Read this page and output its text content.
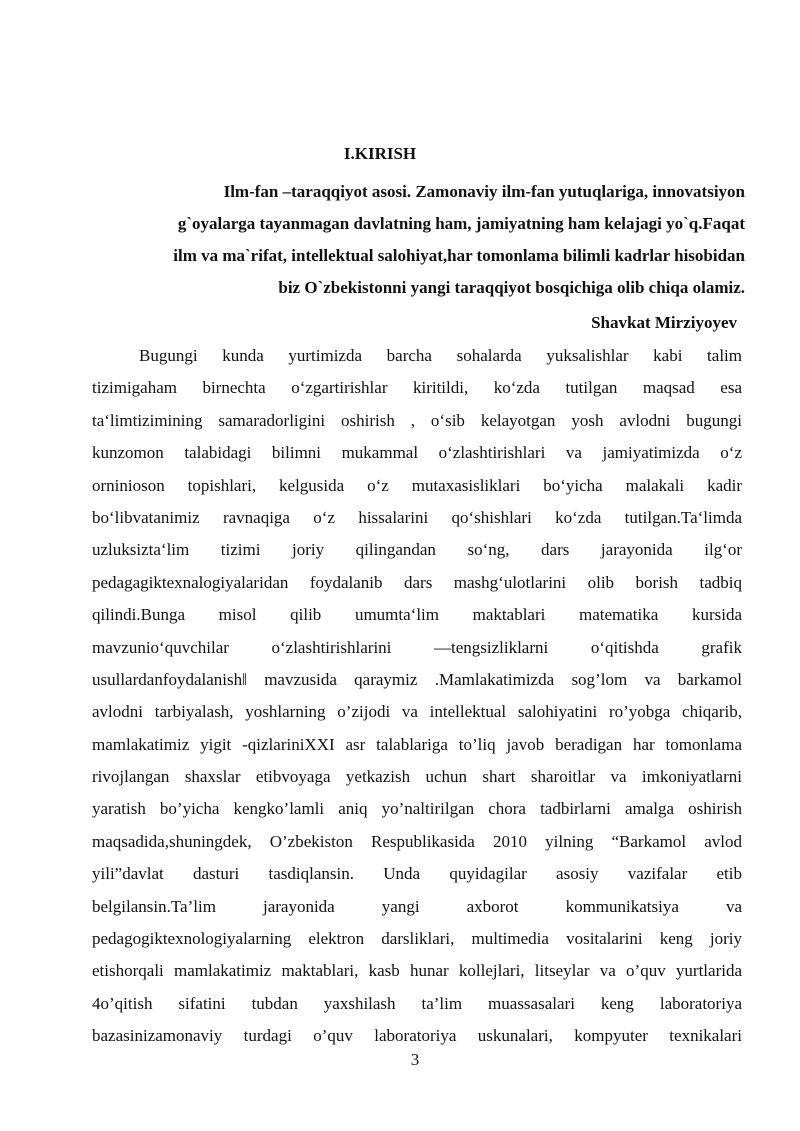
I.KIRISH
Ilm-fan –taraqqiyot asosi. Zamonaviy ilm-fan yutuqlariga, innovatsiyon
g`oyalarga tayanmagan davlatning ham, jamiyatning ham kelajagi yo`q.Faqat
ilm va ma`rifat, intellektual salohiyat,har tomonlama bilimli kadrlar hisobidan
biz O`zbekistonni yangi taraqqiyot bosqichiga olib chiqa olamiz.
Shavkat Mirziyoyev
Bugungi kunda yurtimizda barcha sohalarda yuksalishlar kabi talim
tizimigaham birnechta o‘zgartirishlar kiritildi, ko‘zda tutilgan maqsad esa
ta‘limtizimining samaradorligini oshirish , o‘sib kelayotgan yosh avlodni bugungi
kunzomon talabidagi bilimni mukammal o‘zlashtirishlari va jamiyatimizda o‘z
orninioson topishlari, kelgusida o‘z mutaxasisliklari bo‘yicha malakali kadir
bo‘libvatanimiz ravnaqiga o‘z hissalarini qo‘shishlari ko‘zda tutilgan.Ta‘limda
uzluksizta‘lim tizimi joriy qilingandan so‘ng, dars jarayonida ilg‘or
pedagagiktexnalogiyalaridan foydalanib dars mashg‘ulotlarini olib borish tadbiq
qilindi.Bunga misol qilib umumta‘lim maktablari matematika kursida
mavzunio‘quvchilar o‘zlashtirishlarini ―tengsizliklarni o‘qitishda grafik
usullardanfoydalanish‖ mavzusida qaraymiz .Mamlakatimizda sog’lom va barkamol
avlodni tarbiyalash, yoshlarning o’zijodi va intellektual salohiyatini ro’yobga chiqarib,
mamlakatimiz yigit -qizlariniXXI asr talablariga to’liq javob beradigan har tomonlama
rivojlangan shaxslar etibvoyaga yetkazish uchun shart sharoitlar va imkoniyatlarni
yaratish bo’yicha kengko’lamli aniq yo’naltirilgan chora tadbirlarni amalga oshirish
maqsadida,shuningdek, O’zbekiston Respublikasida 2010 yilning “Barkamol avlod
yili”davlat dasturi tasdiqlansin. Unda quyidagilar asosiy vazifalar etib
belgilansin.Ta’lim jarayonida yangi axborot kommunikatsiya va
pedagogiktexnologiyalarning elektron darsliklari, multimedia vositalarini keng joriy
etishorqali mamlakatimiz maktablari, kasb hunar kollejlari, litseylar va o’quv yurtlarida
4o’qitish sifatini tubdan yaxshilash ta’lim muassasalari keng laboratoriya
bazasinizamonaviy turdagi o’quv laboratoriya uskunalari, kompyuter texnikalari
3
